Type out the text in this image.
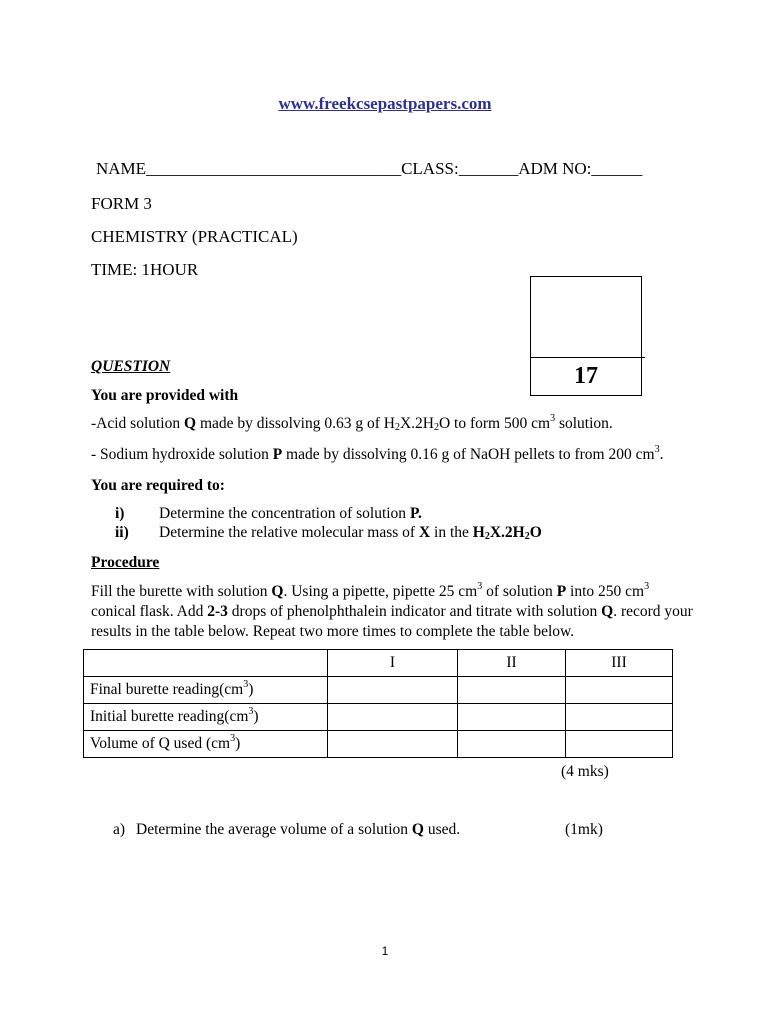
www.freekcsepastpapers.com
NAME______________________________CLASS:_______ADM NO:______
FORM 3
CHEMISTRY (PRACTICAL)
TIME: 1HOUR
17
QUESTION
You are provided with
-Acid solution Q made by dissolving 0.63 g of $H_2X.2H_2O$ to form 500 $cm^3$ solution.
- Sodium hydroxide solution P made by dissolving 0.16 g of NaOH pellets to from 200 $cm^3$.
You are required to:
i) Determine the concentration of solution P.
ii) Determine the relative molecular mass of X in the $H_2X.2H_2O$
Procedure
Fill the burette with solution Q. Using a pipette, pipette 25 $cm^3$ of solution P into 250 $cm^3$
conical flask. Add 2-3 drops of phenolphthalein indicator and titrate with solution Q. record your
results in the table below. Repeat two more times to complete the table below.
	I	II	III
Final burette $reading(cm^3)$			
Initial burette $reading(cm^3)$			
Volume of Q used $(cm^3)$			
(4 mks)
a) Determine the average volume of a solution Q used.	(1mk)
1
